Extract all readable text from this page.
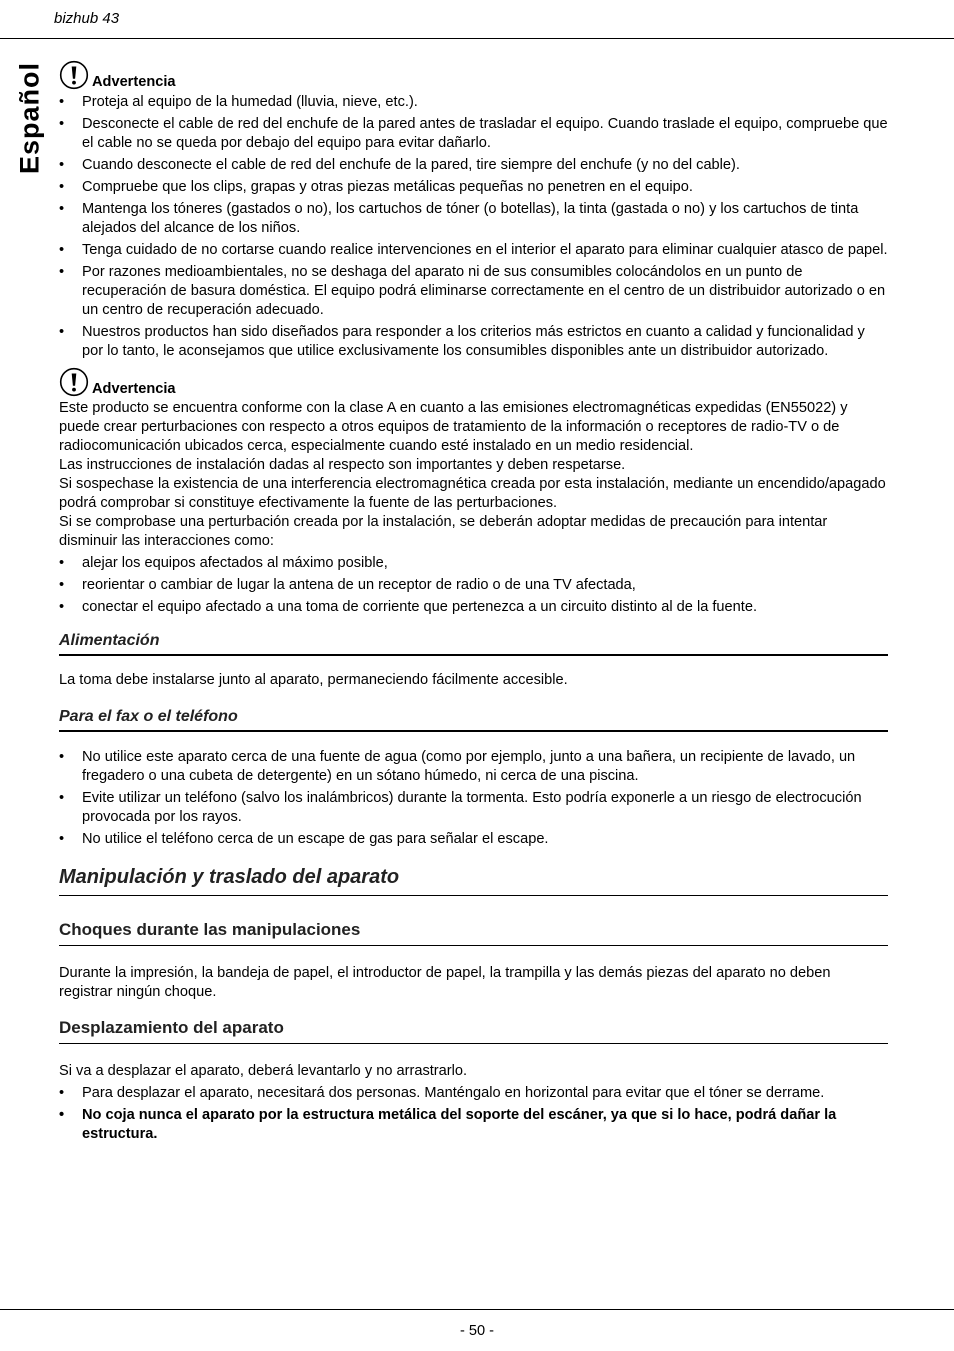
bizhub 43
Español	Advertencia
• Proteja al equipo de la humedad (lluvia, nieve, etc.).
• Desconecte el cable de red del enchufe de la pared antes de trasladar el equipo. Cuando traslade el equipo, compruebe que el cable no se queda por debajo del equipo para evitar dañarlo.
• Cuando desconecte el cable de red del enchufe de la pared, tire siempre del enchufe (y no del cable).
• Compruebe que los clips, grapas y otras piezas metálicas pequeñas no penetren en el equipo.
• Mantenga los tóneres (gastados o no), los cartuchos de tóner (o botellas), la tinta (gastada o no) y los cartuchos de tinta alejados del alcance de los niños.
• Tenga cuidado de no cortarse cuando realice intervenciones en el interior el aparato para eliminar cualquier atasco de papel.
• Por razones medioambientales, no se deshaga del aparato ni de sus consumibles colocándolos en un punto de recuperación de basura doméstica. El equipo podrá eliminarse correctamente en el centro de un distribuidor autorizado o en un centro de recuperación adecuado.
• Nuestros productos han sido diseñados para responder a los criterios más estrictos en cuanto a calidad y funcionalidad y por lo tanto, le aconsejamos que utilice exclusivamente los consumibles disponibles ante un distribuidor autorizado.
Advertencia

Este producto se encuentra conforme con la clase A en cuanto a las emisiones electromagnéticas expedidas (EN55022) y puede crear perturbaciones con respecto a otros equipos de tratamiento de la información o receptores de radio-TV o de radiocomunicación ubicados cerca, especialmente cuando esté instalado en un medio residencial.

Las instrucciones de instalación dadas al respecto son importantes y deben respetarse.

Si sospechase la existencia de una interferencia electromagnética creada por esta instalación, mediante un encendido/apagado podrá comprobar si constituye efectivamente la fuente de las perturbaciones.

Si se comprobase una perturbación creada por la instalación, se deberán adoptar medidas de precaución para intentar disminuir las interacciones como:

• alejar los equipos afectados al máximo posible,
• reorientar o cambiar de lugar la antena de un receptor de radio o de una TV afectada,
• conectar el equipo afectado a una toma de corriente que pertenezca a un circuito distinto al de la fuente.
Alimentación

La toma debe instalarse junto al aparato, permaneciendo fácilmente accesible.

Para el fax o el teléfono
• No utilice este aparato cerca de una fuente de agua (como por ejemplo, junto a una bañera, un recipiente de lavado, un fregadero o una cubeta de detergente) en un sótano húmedo, ni cerca de una piscina.
• Evite utilizar un teléfono (salvo los inalámbricos) durante la tormenta. Esto podría exponerle a un riesgo de electrocución provocada por los rayos.
• No utilice el teléfono cerca de un escape de gas para señalar el escape.
Manipulación y traslado del aparato
Choques durante las manipulaciones

Durante la impresión, la bandeja de papel, el introductor de papel, la trampilla y las demás piezas del aparato no deben registrar ningún choque.

Desplazamiento del aparato

Si va a desplazar el aparato, deberá levantarlo y no arrastrarlo.

• Para desplazar el aparato, necesitará dos personas. Manténgalo en horizontal para evitar que el tóner se derrame.
• No coja nunca el aparato por la estructura metálica del soporte del escáner, ya que si lo hace, podrá dañar la estructura.
- 50 -
